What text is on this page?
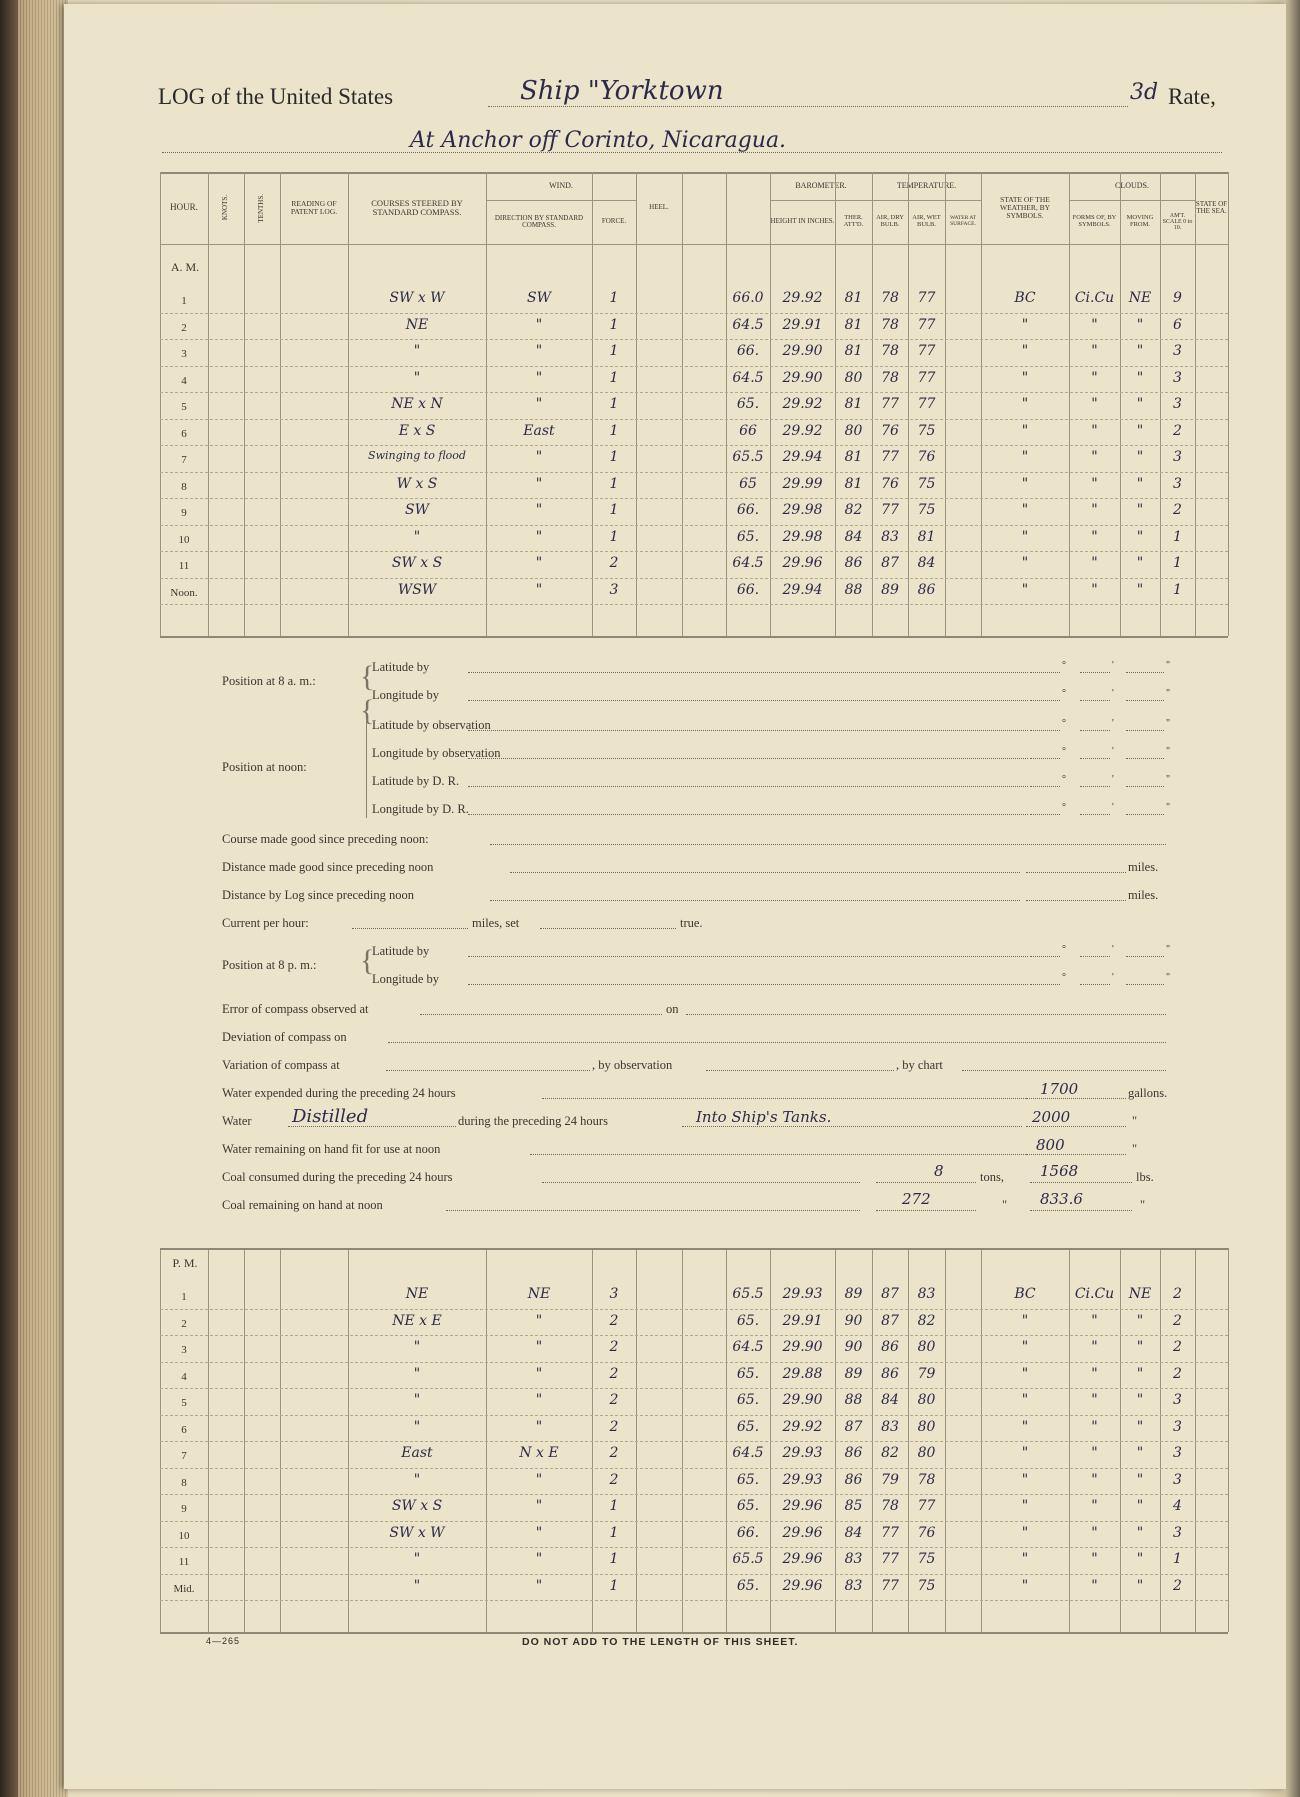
LOG of the United States	Ship "Yorktown	3d Rate,
At Anchor off Corinto, Nicaragua.
HOUR.	KNOTS.	TENTHS.	READING OF PATENT LOG.
COURSES STEERED BY STANDARD COMPASS.
WIND.
DIRECTION BY STANDARD COMPASS.	FORCE.
HEEL.
BAROMETER.
HEIGHT IN INCHES.	THER. ATT'D.
TEMPERATURE.
AIR, DRY BULB.
AIR, WET BULB.
WATER AT SURFACE.
STATE OF THE WEATHER, BY SYMBOLS.
CLOUDS.
FORMS OF, BY SYMBOLS.
MOVING FROM.
AM'T. SCALE 0 to 10.
STATE OF THE SEA.
A. M.
1	SW x W	SW	1	66.0	29.92	81	78	77	BC	Ci.Cu	NE	9
2	NE	"	1	64.5	29.91	81	78	77	"	"	"	6
3	"	"	1	66.	29.90	81	78	77	"	"	"	3
4	"	"	1	64.5	29.90	80	78	77	"	"	"	3
5	NE x N	"	1	65.	29.92	81	77	77	"	"	"	3
6	E x S	East	1	66	29.92	80	76	75	"	"	"	2
7	Swinging to flood	"	1	65.5	29.94	81	77	76	"	"	"	3
8	W x S	"	1	65	29.99	81	76	75	"	"	"	3
9	SW	"	1	66.	29.98	82	77	75	"	"	"	2
10	"	"	1	65.	29.98	84	83	81	"	"	"	1
11	SW x S	"	2	64.5	29.96	86	87	84	"	"	"	1
Noon.	WSW	"	3	66.	29.94	88	89	86	"	"	"	1
Position at 8 a. m.: {
Latitude by
Longitude by
Position at noon:
Latitude by observation
Longitude by observation
Latitude by D. R.
Longitude by D. R.
Course made good since preceding noon:
Distance made good since preceding noon	miles.
Distance by Log since preceding noon	miles.
Current per hour:	miles, set	true.
Position at 8 p. m.:
Latitude by
Longitude by
Error of compass observed at	on
Deviation of compass on
Variation of compass at	, by observation	, by chart
Water expended during the preceding 24 hours	1700	gallons.
Water Distilled	during the preceding 24 hours	Into Ship's Tanks.	2000	"
Water remaining on hand fit for use at noon	800	"
Coal consumed during the preceding 24 hours	8	tons, 1568	lbs.
Coal remaining on hand at noon	272	" 833.6	"
°	'	"
°	'	"
°	'	"
°	'	"
°	'	"
°	'	"
°	'	"
°	'	"
{
{
P. M.
1	NE	NE	3	65.5	29.93	89	87	83	BC	Ci.Cu	NE	2
2	NE x E	"	2	65.	29.91	90	87	82	"	"	"	2
3	"	"	2	64.5	29.90	90	86	80	"	"	"	2
4	"	"	2	65.	29.88	89	86	79	"	"	"	2
5	"	"	2	65.	29.90	88	84	80	"	"	"	3
6	"	"	2	65.	29.92	87	83	80	"	"	"	3
7	East	N x E	2	64.5	29.93	86	82	80	"	"	"	3
8	"	"	2	65.	29.93	86	79	78	"	"	"	3
9	SW x S	"	1	65.	29.96	85	78	77	"	"	"	4
10	SW x W	"	1	66.	29.96	84	77	76	"	"	"	3
11	"	"	1	65.5	29.96	83	77	75	"	"	"	1
Mid.	"	"	1	65.	29.96	83	77	75	"	"	"	2
4—265	DO NOT ADD TO THE LENGTH OF THIS SHEET.
